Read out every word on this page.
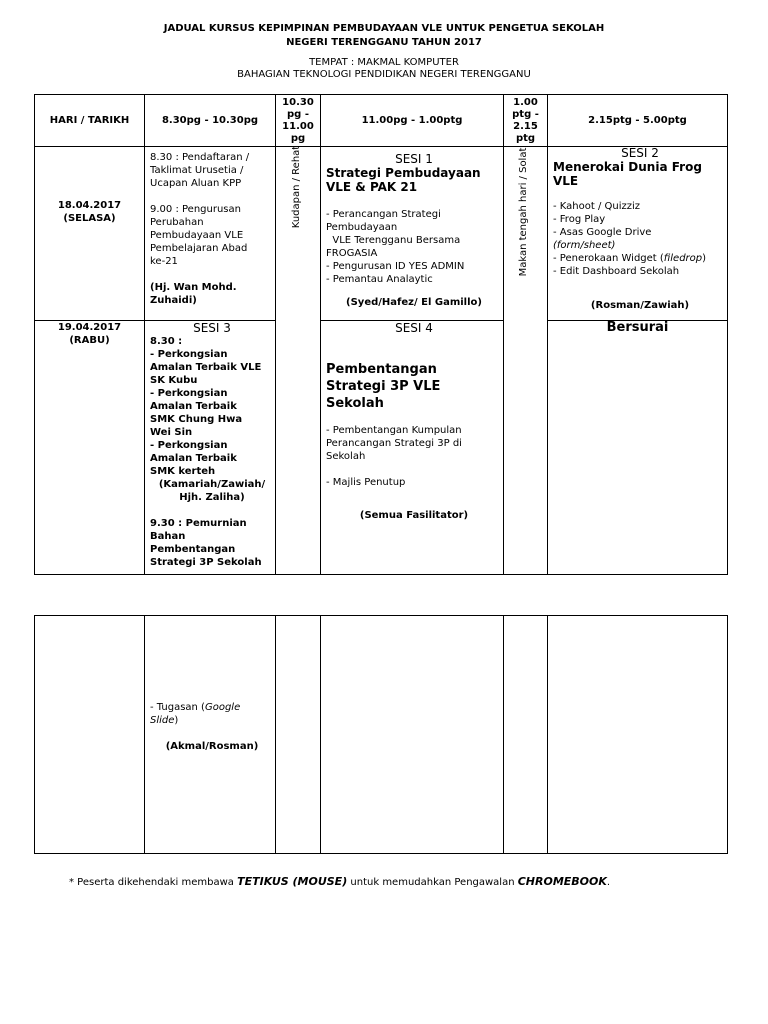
JADUAL KURSUS KEPIMPINAN PEMBUDAYAAN VLE UNTUK PENGETUA SEKOLAH
NEGERI TERENGGANU TAHUN 2017
TEMPAT : MAKMAL KOMPUTER
BAHAGIAN TEKNOLOGI PENDIDIKAN NEGERI TERENGGANU
HARI / TARIKH	8.30pg - 10.30pg
10.30
pg -
11.00
pg
11.00pg - 1.00ptg
1.00
ptg -
2.15
ptg
2.15ptg - 5.00ptg
Kudapan / Rehat	Makan tengah hari / Solat
18.04.2017
(SELASA)
8.30 : Pendaftaran /
Taklimat Urusetia /
Ucapan Aluan KPP
9.00 : Pengurusan
Perubahan
Pembudayaan VLE
Pembelajaran Abad
ke-21
(Hj. Wan Mohd.
Zuhaidi)
SESI 1
Strategi Pembudayaan
VLE & PAK 21
- Perancangan Strategi
Pembudayaan
VLE Terengganu Bersama
FROGASIA
- Pengurusan ID YES ADMIN
- Pemantau Analaytic
(Syed/Hafez/ El Gamillo)
SESI 2
Menerokai Dunia Frog
VLE
- Kahoot / Quizziz
- Frog Play
- Asas Google Drive
(form/sheet)
- Penerokaan Widget (filedrop)
- Edit Dashboard Sekolah
(Rosman/Zawiah)
19.04.2017
(RABU)
SESI 3
8.30 :
- Perkongsian
Amalan Terbaik VLE
SK Kubu
- Perkongsian
Amalan Terbaik
SMK Chung Hwa
Wei Sin
- Perkongsian
Amalan Terbaik
SMK kerteh
(Kamariah/Zawiah/
Hjh. Zaliha)
9.30 : Pemurnian
Bahan
Pembentangan
Strategi 3P Sekolah
SESI 4
Pembentangan
Strategi 3P VLE
Sekolah
- Pembentangan Kumpulan
Perancangan Strategi 3P di
Sekolah
- Majlis Penutup
(Semua Fasilitator)
Bersurai
- Tugasan (Google
Slide)
(Akmal/Rosman)
* Peserta dikehendaki membawa TETIKUS (MOUSE) untuk memudahkan Pengawalan CHROMEBOOK.
